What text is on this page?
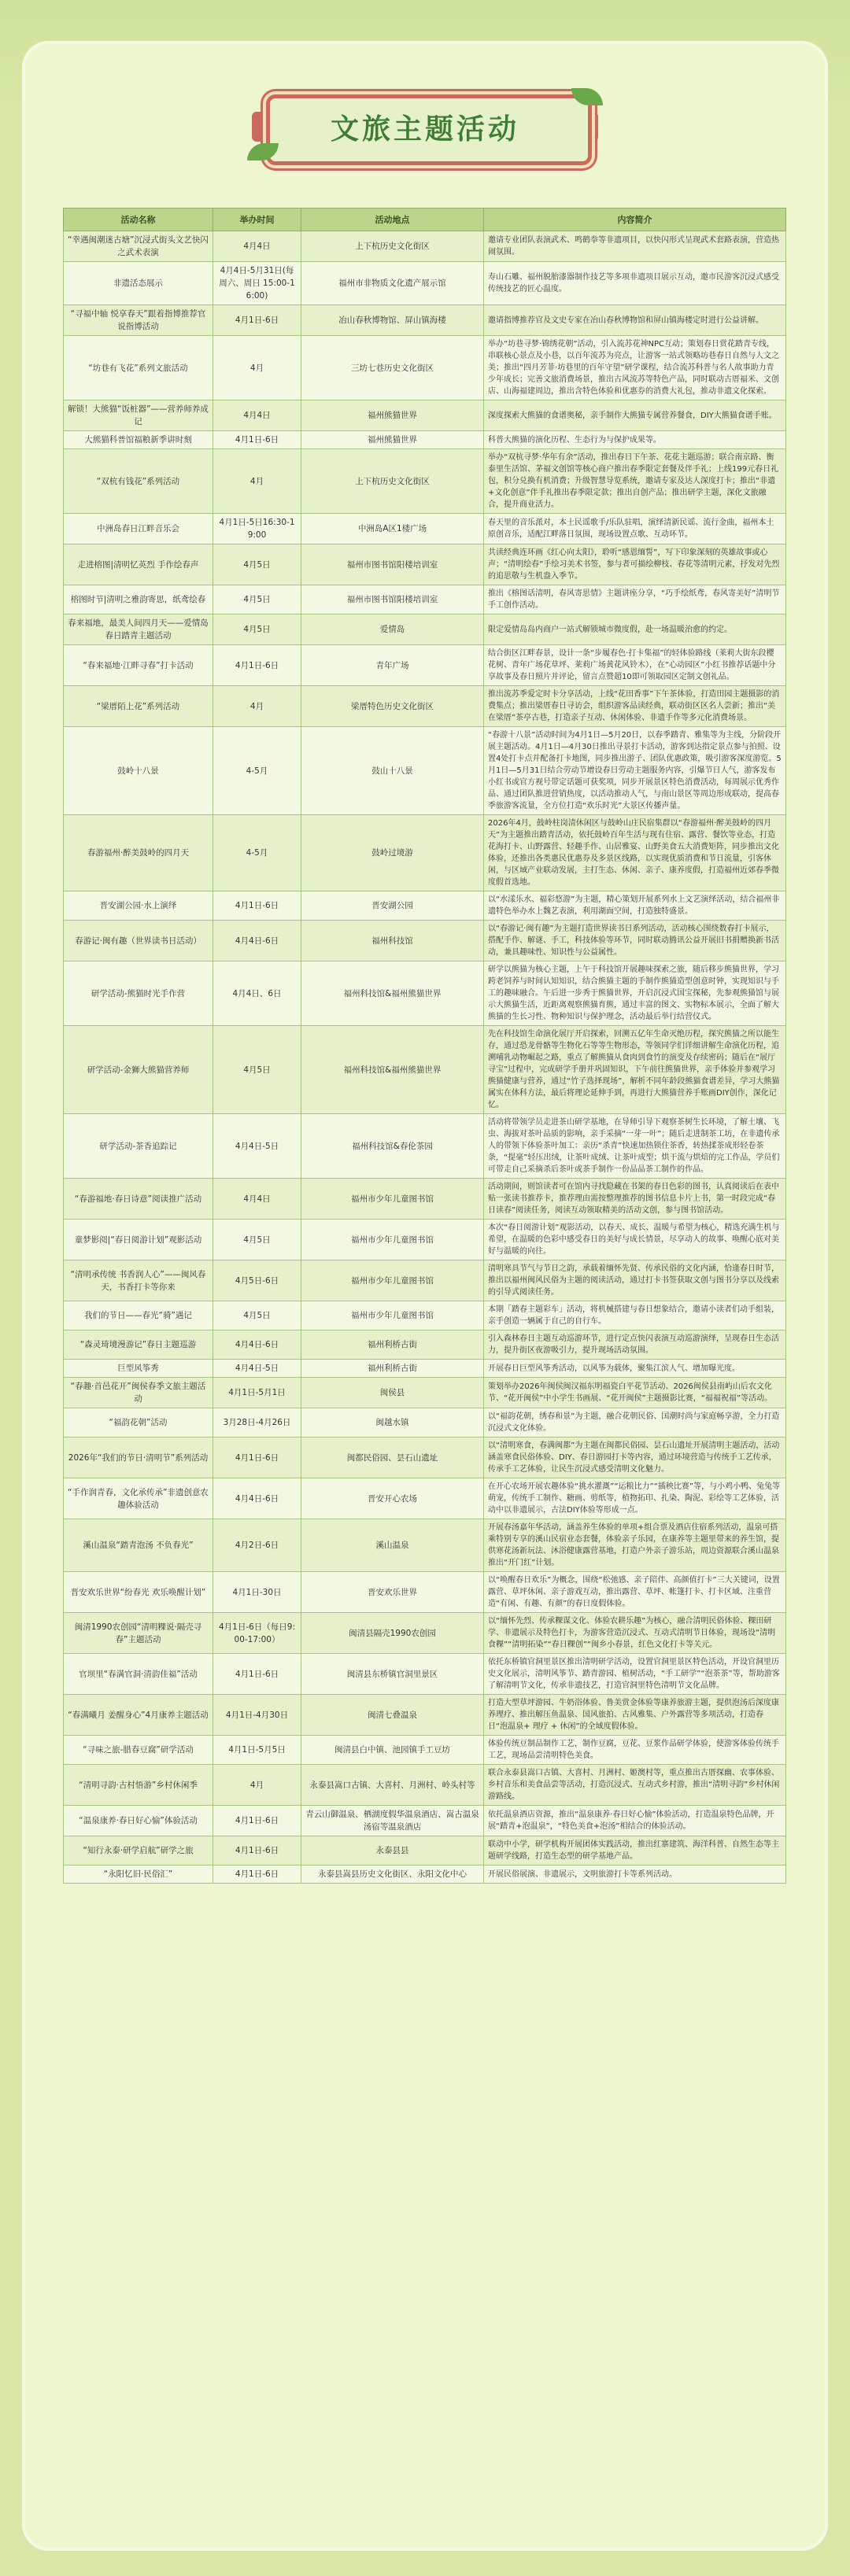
文旅主题活动
活动名称	举办时间	活动地点	内容简介
“幸遇闽潮迷古塘”沉浸式街头文艺快闪之武术表演	4月4日	上下杭历史文化街区	邀请专业团队表演武术、鸣鹤拳等非遗项目，以快闪形式呈现武术套路表演，营造热闹氛围。
非遗活态展示	4月4日-5月31日(每周六、周日 15:00-16:00)	福州市非物质文化遗产展示馆	寿山石雕、福州脱胎漆器制作技艺等多项非遗项目展示互动，邀市民游客沉浸式感受传统技艺的匠心温度。
“寻福中轴 悦享春天”跟着指博推荐官说指博活动	4月1日-6日	冶山春秋博物馆、屏山镇海楼	邀请指博推荐官及文史专家在冶山春秋博物馆和屏山镇海楼定时进行公益讲解。
“坊巷有飞花”系列文旅活动	4月	三坊七巷历史文化街区	举办“坊巷寻梦·锦绣花朝”活动，引入流苏花神NPC互动；策划春日赏花踏青专线，串联核心景点及小巷，以百年流苏为亮点，让游客一站式领略坊巷春日自然与人文之美；推出“四月芳菲·坊巷里的百年守望”研学课程，结合流苏科普与名人故事助力青少年成长；完善文旅消费场景，推出古风流苏等特色产品，同时联动古厝福米、文创店、山海福建周边，推出含特色体验和优惠券的消费大礼包，推动非遗文化探索。
解锁！大熊猫“饭桩器”——营养师养成记	4月4日	福州熊猫世界	深度探索大熊猫的食谱奥秘，亲手制作大熊猫专属营养餐食，DIY大熊猫食谱手账。
大熊猫科普馆福粮新季讲时刻	4月1日-6日	福州熊猫世界	科普大熊猫的演化历程、生态行为与保护成果等。
“双杭有钱花”系列活动	4月	上下杭历史文化街区	举办“双杭寻梦·华年有余”活动，推出春日下午茶、花花主题巡游；联合南京路、衡泰里生活馆、茅福文创馆等核心商户推出春季限定套餐及伴手礼；上线199元春日礼包，积分兑换有机消费；升级智慧导览系统，邀请专家及达人深度打卡；推出“非遗+文化创意”伴手礼推出春季限定款；推出自创产品；推出研学主题，深化文旅融合，提升商业活力。
中洲岛春日江畔音乐会	4月1日-5日16:30-19:00	中洲岛A区1楼广场	春天里的音乐派对，本土民谣歌手/乐队驻唱，演绎清新民谣、流行金曲，福州本土原创音乐，适配江畔落日氛围，现场设置点歌、互动环节。
走进榕图|清明忆英烈 手作绘春声	4月5日	福州市图书馆阳楼培训室	共读经典连环画《红心向太阳》，聆听“感恩缅誓”，写下印象深刻的英雄故事或心声；“清明绘春”手绘习美术书签，参与者可描绘柳枝、春花等清明元素，抒发对先烈的追思敬与生机盎入季节。
榕图时节|清明之雅韵寄思，纸鸢绘春	4月5日	福州市图书馆阳楼培训室	推出《榕图话清明，春风寄思情》主题讲座分享，“巧手绘纸鸢，春风寄美好”清明节手工创作活动。
春来福地，最美人间四月天——爱情岛春日踏青主题活动	4月5日	爱情岛	限定爱情岛岛内商户一站式解锁城市微度假，赴一场温暖治愈的约定。
“春来福地·江畔寻春”打卡活动	4月1日-6日	青年广场	结合街区江畔春景，设计一条“步履春色·打卡集福”的轻体验路线（莱莉大街东段樱花树、青年广场花草坪、莱莉广场黄花风铃木），在“心动园区”小红书推荐话题中分享故事及春日照片并评论，留言点赞超10即可领取园区定制文创礼品。
“梁厝陌上花”系列活动	4月	梁厝特色历史文化街区	推出流苏季爱定时卡分享活动，上线“花田香事”下午茶体验，打造田园主题摄影的消费集点；推出梁厝春日寻访会，组织游客品读经典，联动街区区名人尝新；推出“美在梁厝”茶亭古巷，打造亲子互动、休闲体验、非遗手作等多元化消费场景。
鼓岭十八景	4-5月	鼓山十八景	“春游十八景”活动时间为4月1日—5月20日，以春季踏青、雅集等为主线，分阶段开展主题活动。4月1日—4月30日推出寻景打卡活动，游客到达指定景点参与拍照、设置4处打卡点并配备打卡地图，同步推出游子、团队优惠政策，吸引游客深度游览。5月1日—5月31日结合劳动节增设春日劳动主题服务内容，引爆节日人气，游客发布小红书或官方视号带定话题可获奖项，同步开展景区特色消费活动，每周展示优秀作品、通过团队推进营销热度，以活动推动人气，与南山景区等周边形成联动，提高春季旅游客流量，全方位打造“欢乐时光”大景区传播声量。
春游福州·醉美鼓岭的四月天	4-5月	鼓岭过境游	2026年4月，鼓岭柱岗清休闲区与鼓岭山庄民宿集群以“春游福州·醉美鼓岭的四月天”为主题推出踏青活动，依托鼓岭百年生活与现有住宿、露营、餐饮等业态，打造花海打卡、山野露营、轻趣手作、山居雅宴、山野美食五大消费矩阵，同步推出文化体验，还推出各类惠民优惠券及多景区线路，以实现优质消费和节日流量，引客休闲，与区域产业联动发展，主打生态、休闲、亲子、康养度假，打造福州近郊春季微度假首选地。
晋安湖公园·水上演绎	4月1日-6日	晋安湖公园	以“水漾乐水、福彩悠游”为主题，精心策划开展系列水上文艺演绎活动，结合福州非遗特色举办水上魏艺表演，利用湖面空间，打造独特盛景。
春游记·闽有趣（世界读书日活动）	4月4日-6日	福州科技馆	以“春游记·闽有趣”为主题打造世界读书日系列活动，活动核心围绕数春打卡展示，搭配手作、解谜、手工，科技体验等环节，同时联动腾讯公益开展旧书捐赠换新书活动，兼具趣味性、知识性与公益属性。
研学活动-熊猫时光手作营	4月4日、6日	福州科技馆&福州熊猫世界	研学以熊猫为核心主题，上午于科技馆开展趣味探索之旅，随后移步熊猫世界，学习跨老饲养与时间认知知识，结合熊猫主题的手制作熊猫造型创意时钟，实现知识与手工的趣味融合。午后进一步秀于熊猫世界，开启沉浸式国宝探秘，先参观熊猫馆与展示大熊猫生活，近距离观察熊猫育熊，通过丰富的图文、实物标本展示，全面了解大熊猫的生长习性、物种知识与保护理念，活动最后举行结营仪式。
研学活动-金狮大熊猫营养师	4月5日	福州科技馆&福州熊猫世界	先在科技馆生命演化展厅开启探索，回溯五亿年生命灭绝历程，探究熊猫之所以能生存，通过恐龙骨骼等生物化石等等生物形态，等领同学们详细讲解生命演化历程，追溯哺乳动物崛起之路，重点了解熊猫从食肉到食竹的演变及存续密码；随后在“展厅寻宝”过程中，完成研学手册并巩固知识，下午前往熊猫世界，亲手体验并参观学习熊猫健康与营养，通过“竹子选择现场”，解析不同年龄段熊猫食谱差异，学习大熊猫属实在体科方法，最后将理论延伸手到，再进行大熊猫营养手账画DIY创作，深化记忆。
研学活动-茶香追踪记	4月4日-5日	福州科技馆&春伦茶园	活动将带领学员走进茶山研学基地，在导师引导下观察茶树生长环境，了解土壤、飞虫、海拔对茶叶品质的影响，亲手采摘“一芽一叶”；随后走进制茶工坊，在非遗传承人的带领下体验茶叶加工：亲历“杀青”快速加热锁住茶香，转热揉茶成形轻卷茶条，“提毫”轻压出绒，让茶叶成绒、让茶叶成型；烘干流与烘焙的完工作品，学员们可带走自己采摘杀后茶叶或茶手制作一份品品茶工制作的作品。
“春游福地·春日诗意”阅读推广活动	4月4日	福州市少年儿童图书馆	活动期间，则馆读者可在馆内寻找隐藏在书架的春日色彩的图书，认真阅读后在表中贴一张读书推荐卡，推荐理由需按整理推荐的图书信息卡片上书，第一时段完成“春日读春”阅读任务，阅读互动领取精美的活动文创，参与图书馆活动。
童梦影阅|“春日阅游计划”观影活动	4月5日	福州市少年儿童图书馆	本次“春日阅游计划”观影活动，以春天、成长、温暖与希望为核心，精选充满生机与希望，在温暖的色彩中感受春日的美好与成长情景，尽享动人的故事、唤醒心底对美好与温暖的向往。
“清明承传统 书香润人心”——闽风春天，书香打卡等你来	4月5日-6日	福州市少年儿童图书馆	清明寒具节气与节日之韵，承载着缅怀先贤、传承民俗的文化内涵，恰逢春日时节，推出以福州闽风民俗为主题的阅读活动，通过打卡书签获取文创与图书分享以及线索的引导式阅读任务。
我们的节日——春光“骑”遇记	4月5日	福州市少年儿童图书馆	本期「踏春主题彩车」活动，将机械搭建与春日想象结合，邀请小读者们动手组装，亲手创造一辆属于自己的自行车。
“森灵琦境漫游记”春日主题巡游	4月4日-6日	福州利桥古街	引入森林春日主题互动巡游环节，进行定点快闪表演互动巡游演绎，呈现春日生态活力，提升街区夜游吸引力，提升现场活动氛围。
巨型风筝秀	4月4日-5日	福州利桥古街	开展春日巨型风筝秀活动，以风筝为载体，聚集江滨人气、增加曝光度。
“春趣·首邑花开”闽侯春季文旅主题活动	4月1日-5月1日	闽侯县	策划举办2026年闽侯闽汉福东明福瓷白平花节活动、2026闽侯县南屿山后农文化节、“花开闽侯”中小学生书画展、“花开闽侯”主题摄影比赛，“福福祝福”等活动。
“福韵花朝”活动	3月28日-4月26日	闽越水镇	以“福韵花朝，绣春和景”为主题，融合花朝民俗、国潮时尚与家庭畅享游，全力打造沉浸式文化体验。
2026年“我们的节日·清明节”系列活动	4月1日-6日	闽都民俗园、昙石山遗址	以“清明寒食，春满闽都”为主题在闽都民俗园、昙石山遗址开展清明主题活动，活动涵盖寒食民俗体验、DIY、春日游园打卡等内容，通过环境营造与传统手工艺传承，传承手工艺体验，让民生沉浸式感受清明文化魅力。
“手作润青春，文化承传承”非遗创意农趣体验活动	4月4日-6日	晋安开心农场	在开心农场开展农趣体验“挑水灌溉”“运粮比力”“插秧比赛”等，与小鸡小鸭、兔兔等萌宠，传统手工制作、糖画、剪纸等，植物拓印、扎染、陶泥、彩绘等工艺体验，活动中以非遗展示，古法DIY体验等形成一点。
溪山温泉“踏青泡汤 不负春光”	4月2日-6日	溪山温泉	开展春汤嘉年华活动，涵盖养生体验的单项+组合票及酒店住宿系列活动，温泉可搭乘特别专享的溪山民宿业态套餐，体验亲子乐园，在康养等主题里带来的养生馆，提供寒花汤新玩法、沐浴健康露营基地，打造户外亲子游乐站，周边资源联合溪山温泉推出“开门红”计划。
晋安欢乐世界“纷春光 欢乐唤醒计划”	4月1日-30日	晋安欢乐世界	以“唤醒春日欢乐”为概念，围绕“松弛感、亲子陪伴、高颜值打卡”三大关键词，设置露营、草坪休闲、亲子游戏互动，推出露营、草坪、帐篷打卡、打卡区域、注重营造“有闲、有趣、有颜”的春日度假体验。
闽清1990农创园“清明粿说·隔壳寻春”主题活动	4月1日-6日（每日9:00-17:00）	闽清县隔壳1990农创园	以“缅怀先烈、传承粿谋文化、体验农耕乐趣”为核心，融合清明民俗体验、粿田研学、非遗展示及特色打卡，为游客营造沉浸式、互动式清明节日体验，现场设“清明食粿”“清明拓染”“春日粿创”“闽乡小春景，红色文化打卡等关元。
官坝里“春满官洞·清韵佳福”活动	4月1日-6日	闽清县东桥镇官洞里景区	依托东桥镇官洞里景区推出清明研学活动，设置官洞里景区特色活动，开设官洞里历史文化展示，清明风筝节、踏青游园、植树活动，“手工研学”“泡茶茶”等，帮助游客了解清明节文化，传承非遗技艺，打造官洞里特色清明节文化品牌。
“春满曦月 姜醒身心”4月康养主题活动	4月1日-4月30日	闽清七叠温泉	打造大型草坪游园、牛奶浴体验、鲁美赏金体验等康养旅游主题，提供泡汤后深度康养理疗、推出解压鱼温泉、国风旅拍、古风雅集、户外露营等多项活动，打造春日“泡温泉+ 理疗 + 休闲”的全域度假体验。
“寻味之旅-腊春豆腐”研学活动	4月1日-5月5日	闽清县白中镇、池园镇手工豆坊	体验传统豆制品制作工艺，制作豆腐，豆花、豆浆作品研学体验，使游客体验传统手工艺，现场品尝清明特色美食。
“清明寻韵·古村悟游”乡村休闲季	4月	永泰县嵩口古镇、大喜村、月洲村、岭头村等	联合永泰县嵩口古镇、大喜村、月洲村、姬澳村等，重点推出古厝探幽、农事体验、乡村音乐和美食品尝等活动，打造沉浸式、互动式乡村游，推出“清明寻韵”乡村休闲游路线。
“温泉康养·春日好心愉”体验活动	4月1日-6日	青云山御温泉、栖湖度假华温泉酒店、嵩古温泉汤宿等温泉酒店	依托温泉酒店资源，推出“温泉康养·春日好心愉”体验活动，打造温泉特色品牌，开展“踏青+泡温泉”，“特色美食+泡汤”相结合的体验活动。
“知行永泰·研学启航”研学之旅	4月1日-6日	永泰县县	联动中小学，研学机构开展团体实践活动，推出红寨建筑、海洋科普、自然生态等主题研学线路，打造生态型的研学基地产品。
“永阳忆旧·民俗汇”	4月1日-6日	永泰县嵩县历史文化街区、永阳文化中心	开展民俗展演、非遗展示，文明旅游打卡等系列活动。
